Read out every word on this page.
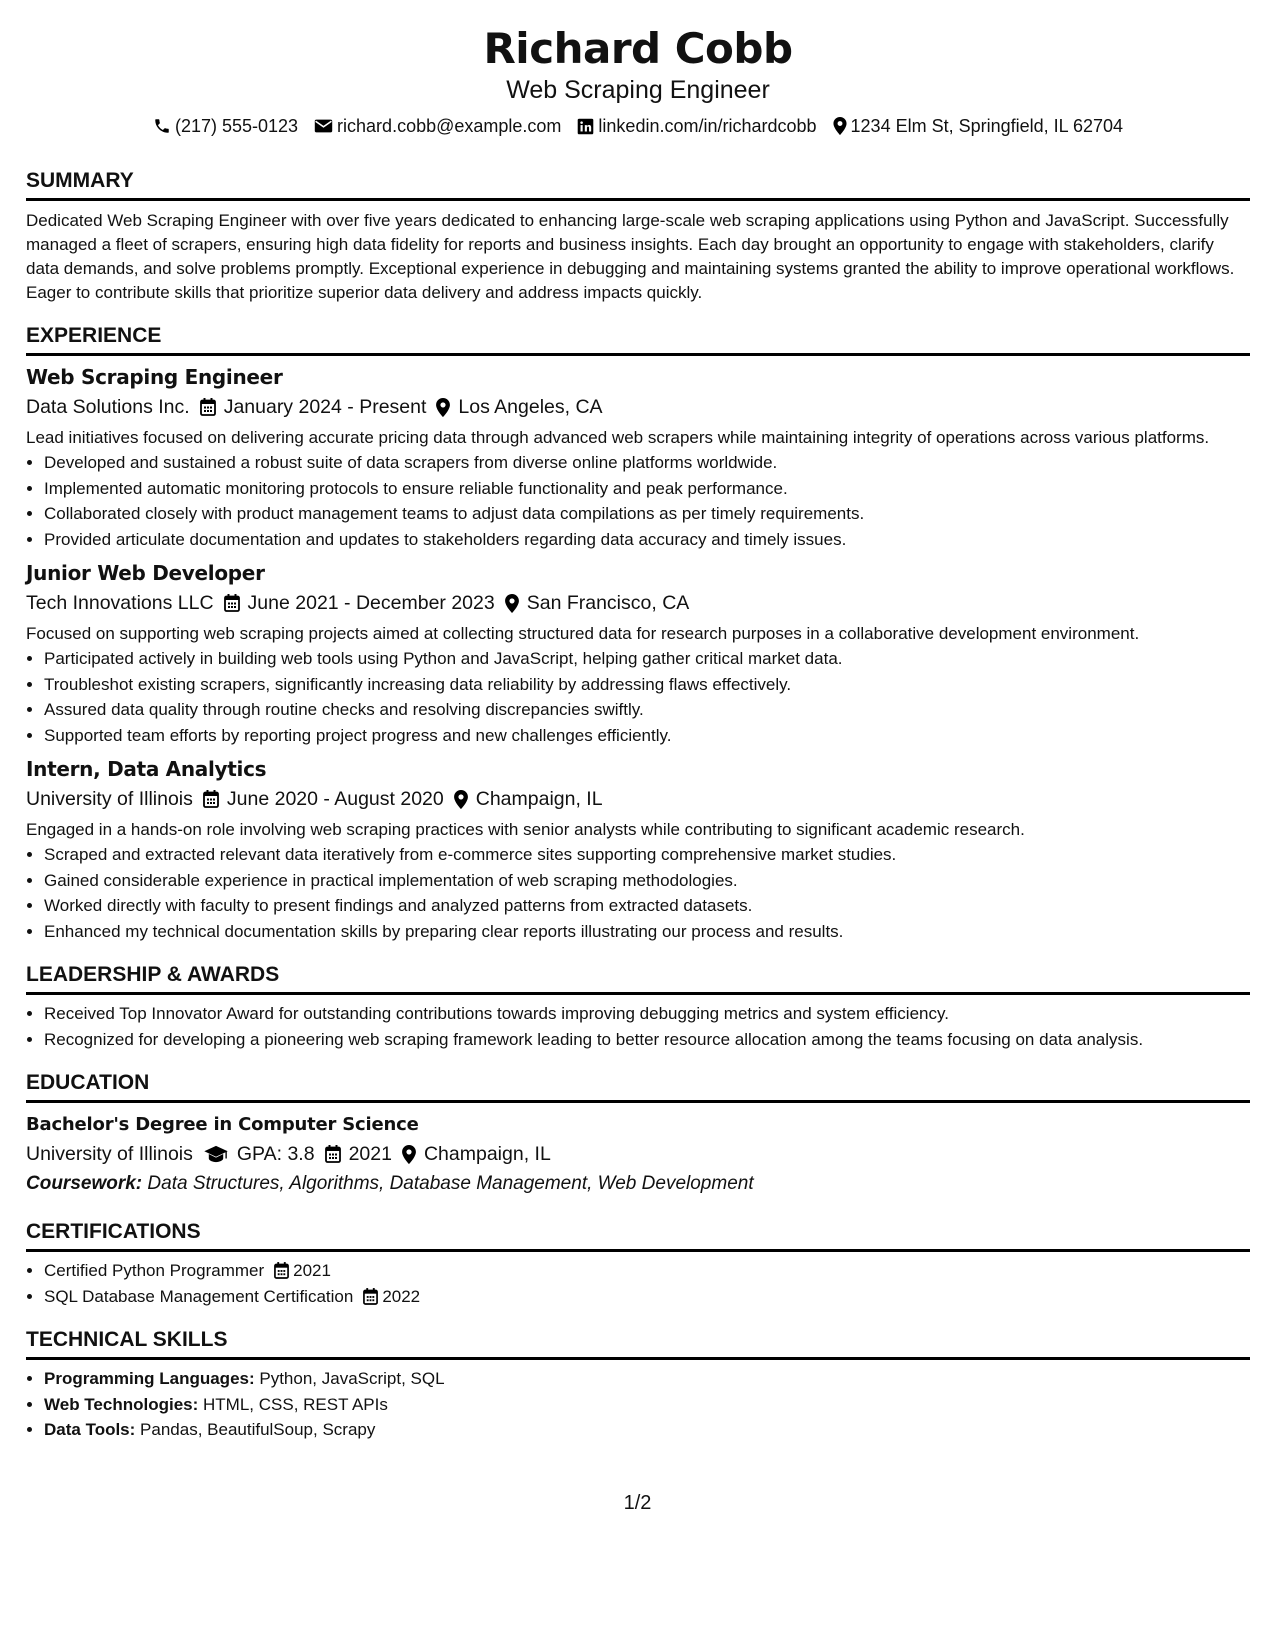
Richard Cobb
Web Scraping Engineer
(217) 555-0123 richard.cobb@example.com linkedin.com/in/richardcobb 1234 Elm St, Springfield, IL 62704
SUMMARY
Dedicated Web Scraping Engineer with over five years dedicated to enhancing large-scale web scraping applications using Python and JavaScript. Successfully managed a fleet of scrapers, ensuring high data fidelity for reports and business insights. Each day brought an opportunity to engage with stakeholders, clarify data demands, and solve problems promptly. Exceptional experience in debugging and maintaining systems granted the ability to improve operational workflows. Eager to contribute skills that prioritize superior data delivery and address impacts quickly.
EXPERIENCE
Web Scraping Engineer
Data Solutions Inc. January 2024 - Present Los Angeles, CA
Lead initiatives focused on delivering accurate pricing data through advanced web scrapers while maintaining integrity of operations across various platforms.
• Developed and sustained a robust suite of data scrapers from diverse online platforms worldwide.
• Implemented automatic monitoring protocols to ensure reliable functionality and peak performance.
• Collaborated closely with product management teams to adjust data compilations as per timely requirements.
• Provided articulate documentation and updates to stakeholders regarding data accuracy and timely issues.
Junior Web Developer
Tech Innovations LLC June 2021 - December 2023 San Francisco, CA
Focused on supporting web scraping projects aimed at collecting structured data for research purposes in a collaborative development environment.
• Participated actively in building web tools using Python and JavaScript, helping gather critical market data.
• Troubleshot existing scrapers, significantly increasing data reliability by addressing flaws effectively.
• Assured data quality through routine checks and resolving discrepancies swiftly.
• Supported team efforts by reporting project progress and new challenges efficiently.
Intern, Data Analytics
University of Illinois June 2020 - August 2020 Champaign, IL
Engaged in a hands-on role involving web scraping practices with senior analysts while contributing to significant academic research.
• Scraped and extracted relevant data iteratively from e-commerce sites supporting comprehensive market studies.
• Gained considerable experience in practical implementation of web scraping methodologies.
• Worked directly with faculty to present findings and analyzed patterns from extracted datasets.
• Enhanced my technical documentation skills by preparing clear reports illustrating our process and results.
LEADERSHIP & AWARDS
• Received Top Innovator Award for outstanding contributions towards improving debugging metrics and system efficiency.
• Recognized for developing a pioneering web scraping framework leading to better resource allocation among the teams focusing on data analysis.
EDUCATION
Bachelor's Degree in Computer Science
University of Illinois GPA: 3.8 2021 Champaign, IL
Coursework: Data Structures, Algorithms, Database Management, Web Development
CERTIFICATIONS
• Certified Python Programmer 2021
• SQL Database Management Certification 2022
TECHNICAL SKILLS
• Programming Languages: Python, JavaScript, SQL
• Web Technologies: HTML, CSS, REST APIs
• Data Tools: Pandas, BeautifulSoup, Scrapy
1/2
